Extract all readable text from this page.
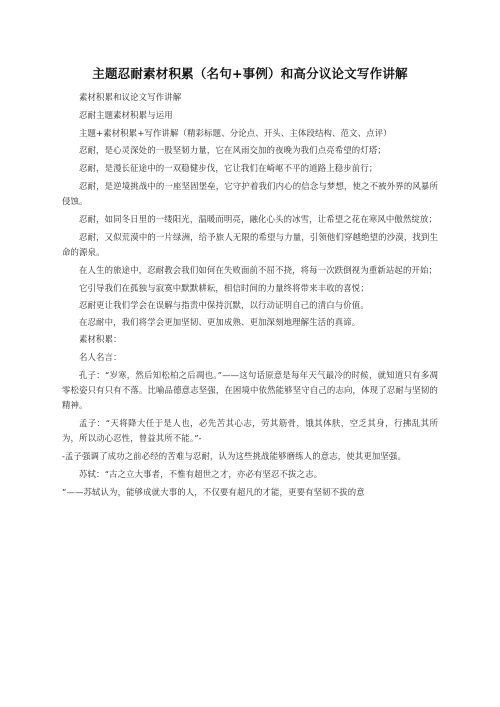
主题忍耐素材积累（名句+事例）和高分议论文写作讲解

素材积累和议论文写作讲解

忍耐主题素材积累与运用

主题+素材积累+写作讲解（精彩标题、分论点、开头、主体段结构、范文、点评）

忍耐，是心灵深处的一股坚韧力量，它在风雨交加的夜晚为我们点亮希望的灯塔；

忍耐，是漫长征途中的一双稳健步伐，它让我们在崎岖不平的道路上稳步前行；

忍耐，是逆境挑战中的一座坚固堡垒，它守护着我们内心的信念与梦想，使之不被外界的风暴所侵蚀。

忍耐，如同冬日里的一缕阳光，温暖而明亮，融化心头的冰雪，让希望之花在寒风中傲然绽放；

忍耐，又似荒漠中的一片绿洲，给予旅人无限的希望与力量，引领他们穿越绝望的沙漠，找到生命的源泉。

在人生的旅途中，忍耐教会我们如何在失败面前不屈不挠，将每一次跌倒视为重新站起的开始；

它引导我们在孤独与寂寞中默默耕耘，相信时间的力量终将带来丰收的喜悦；

忍耐更让我们学会在误解与指责中保持沉默，以行动证明自己的清白与价值。

在忍耐中，我们将学会更加坚韧、更加成熟、更加深刻地理解生活的真谛。

素材积累：

名人名言：

孔子：“岁寒，然后知松柏之后凋也。”——这句话原意是每年天气最冷的时候，就知道只有多凋零松姿只有只有不落。比喻品德意志坚强，在困境中依然能够坚守自己的志向，体现了忍耐与坚韧的精神。

孟子：“天将降大任于是人也，必先苦其心志，劳其筋骨，饿其体肤，空乏其身，行拂乱其所为，所以动心忍性，曾益其所不能。”-

-孟子强调了成功之前必经的苦难与忍耐，认为这些挑战能够磨练人的意志，使其更加坚强。

苏轼：“古之立大事者，不惟有超世之才，亦必有坚忍不拔之志。

”——苏轼认为，能够成就大事的人，不仅要有超凡的才能，更要有坚韧不拔的意
